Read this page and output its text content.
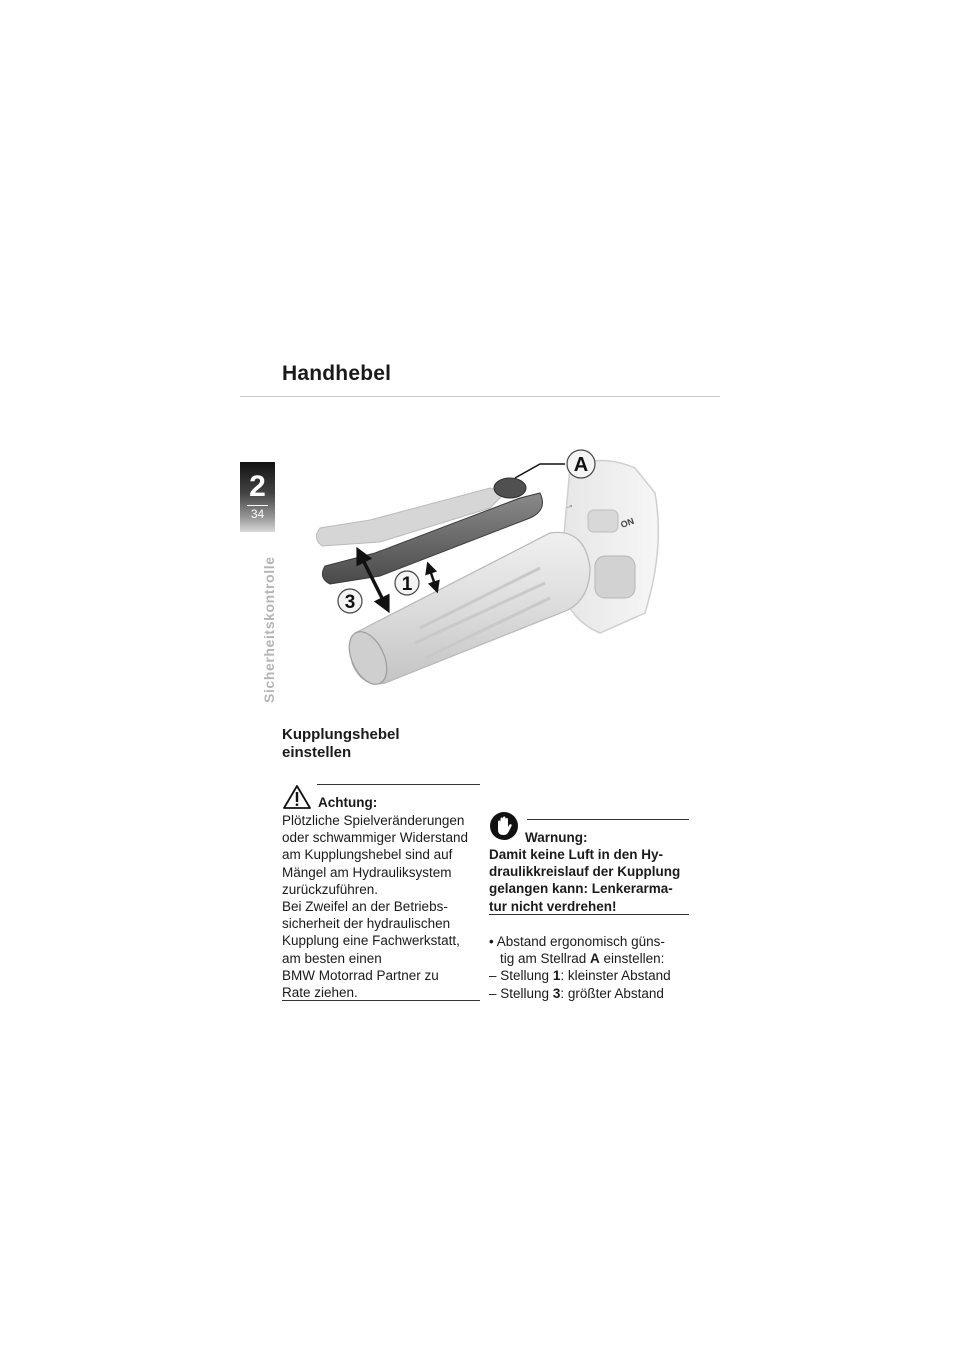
Handhebel
2
34
Sicherheitskontrolle
→
ON
A
3
1
Kupplungshebel
einstellen
Achtung:
Plötzliche Spielveränderungen
oder schwammiger Widerstand
am Kupplungshebel sind auf
Mängel am Hydrauliksystem
zurückzuführen.
Bei Zweifel an der Betriebs-
sicherheit der hydraulischen
Kupplung eine Fachwerkstatt,
am besten einen
BMW Motorrad Partner zu
Rate ziehen.
Warnung:
Damit keine Luft in den Hy-
draulikkreislauf der Kupplung
gelangen kann: Lenkerarma-
tur nicht verdrehen!
• Abstand ergonomisch güns-
tig am Stellrad A einstellen:
– Stellung 1: kleinster Abstand
– Stellung 3: größter Abstand
